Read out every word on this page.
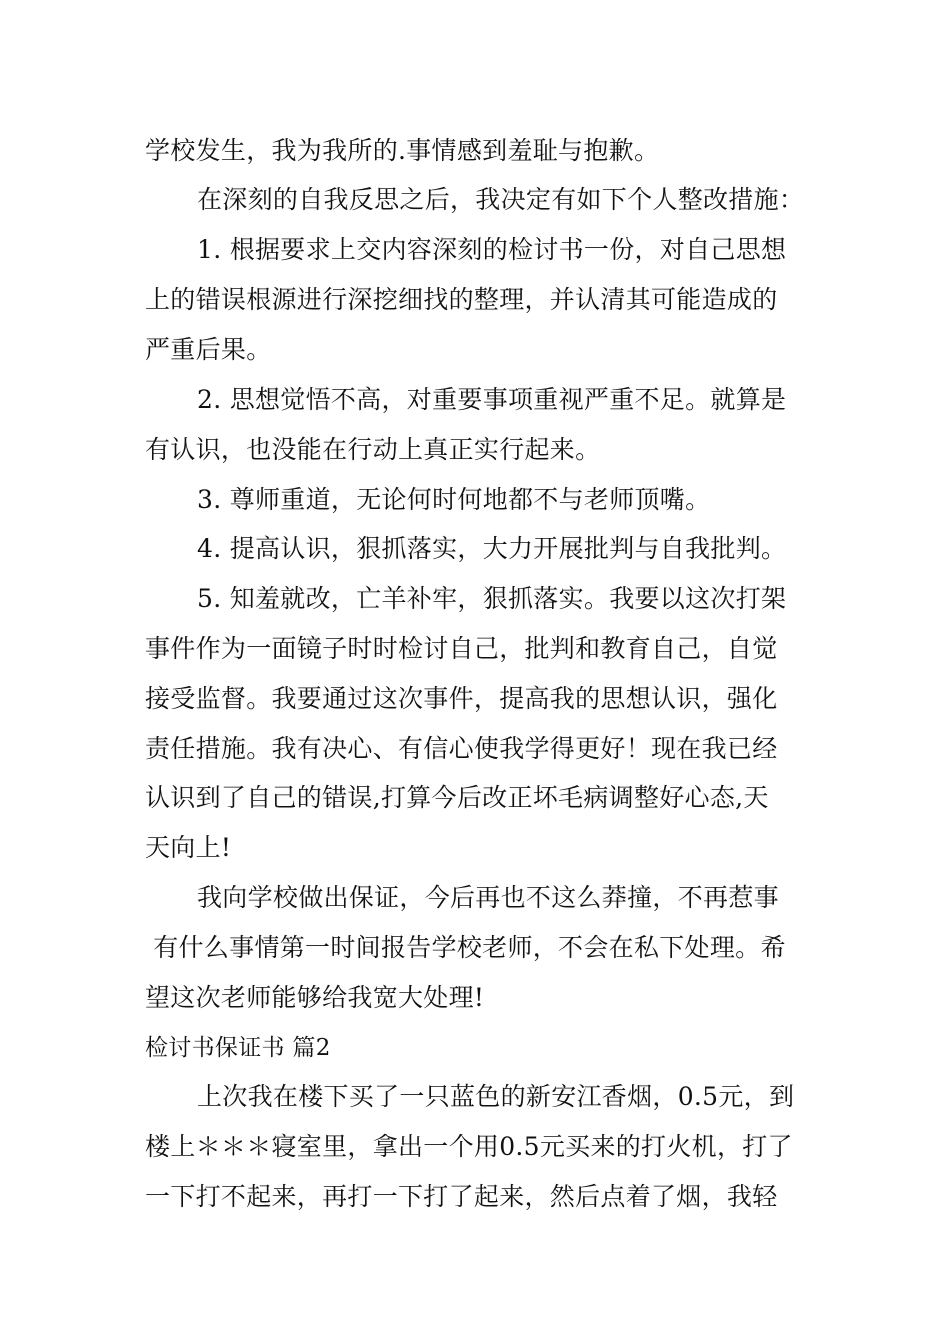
学校发生，我为我所的.事情感到羞耻与抱歉。
在深刻的自我反思之后，我决定有如下个人整改措施：
1. 根据要求上交内容深刻的检讨书一份，对自己思想
上的错误根源进行深挖细找的整理，并认清其可能造成的
严重后果。
2. 思想觉悟不高，对重要事项重视严重不足。就算是
有认识，也没能在行动上真正实行起来。
3. 尊师重道，无论何时何地都不与老师顶嘴。
4. 提高认识，狠抓落实，大力开展批判与自我批判。
5. 知羞就改，亡羊补牢，狠抓落实。我要以这次打架
事件作为一面镜子时时检讨自己，批判和教育自己，自觉
接受监督。我要通过这次事件，提高我的思想认识，强化
责任措施。我有决心、有信心使我学得更好！现在我已经
认识到了自己的错误,打算今后改正坏毛病调整好心态,天
天向上!
我向学校做出保证，今后再也不这么莽撞，不再惹事
有什么事情第一时间报告学校老师，不会在私下处理。希
望这次老师能够给我宽大处理!
检讨书保证书 篇2
上次我在楼下买了一只蓝色的新安江香烟，0.5元，到
楼上＊＊＊寝室里，拿出一个用0.5元买来的打火机，打了
一下打不起来，再打一下打了起来，然后点着了烟，我轻
